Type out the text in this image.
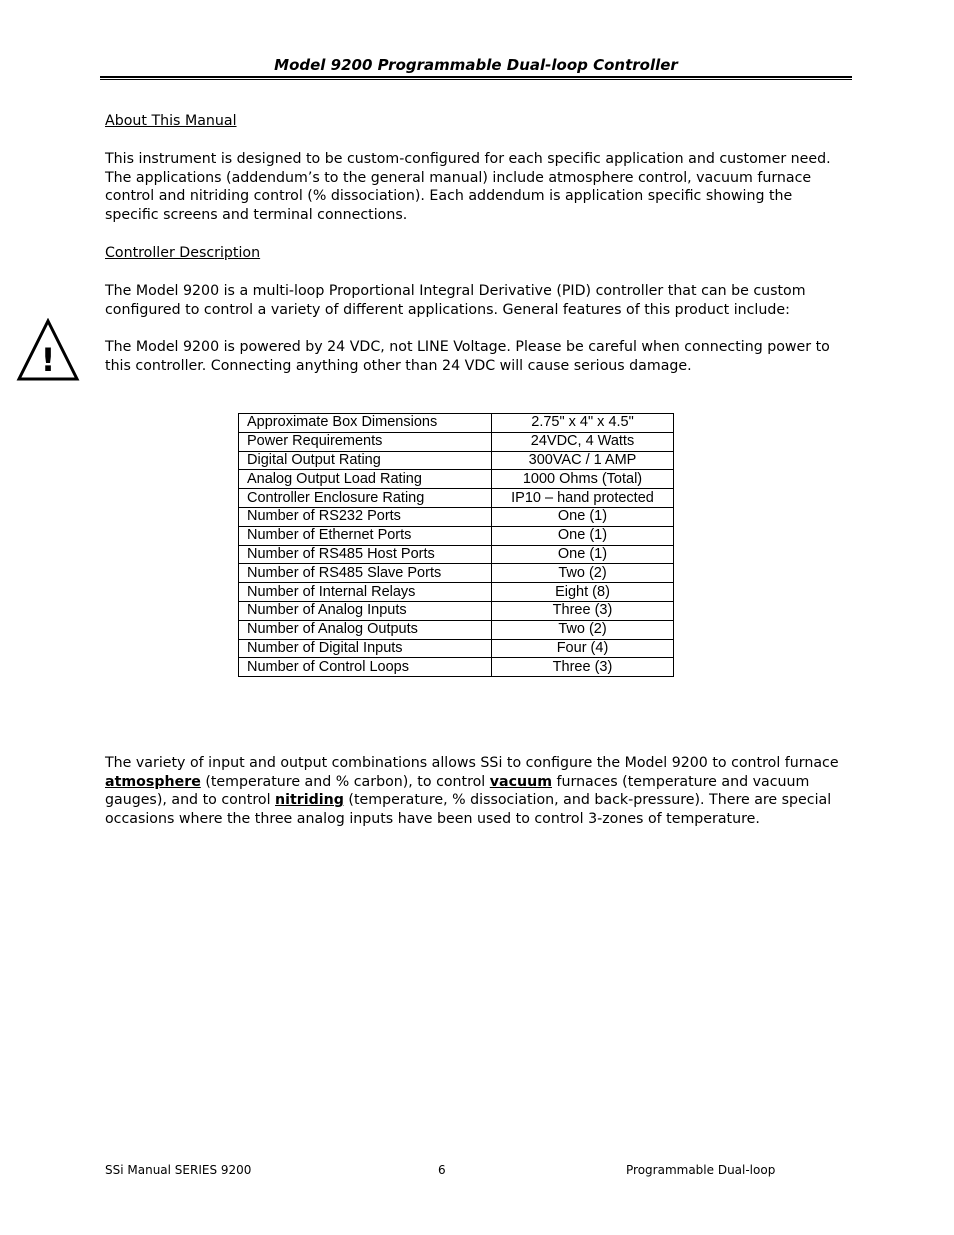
Model 9200 Programmable Dual-loop Controller
About This Manual
This instrument is designed to be custom-configured for each specific application and customer need. The applications (addendum’s to the general manual) include atmosphere control, vacuum furnace control and nitriding control (% dissociation). Each addendum is application specific showing the specific screens and terminal connections.
Controller Description
The Model 9200 is a multi-loop Proportional Integral Derivative (PID) controller that can be custom configured to control a variety of different applications. General features of this product include:
!	The Model 9200 is powered by 24 VDC, not LINE Voltage. Please be careful when connecting power to this controller. Connecting anything other than 24 VDC will cause serious damage.
Approximate Box Dimensions	2.75" x 4" x 4.5"
Power Requirements	24VDC, 4 Watts
Digital Output Rating	300VAC / 1 AMP
Analog Output Load Rating	1000 Ohms (Total)
Controller Enclosure Rating	IP10 – hand protected
Number of RS232 Ports	One (1)
Number of Ethernet Ports	One (1)
Number of RS485 Host Ports	One (1)
Number of RS485 Slave Ports	Two (2)
Number of Internal Relays	Eight (8)
Number of Analog Inputs	Three (3)
Number of Analog Outputs	Two (2)
Number of Digital Inputs	Four (4)
Number of Control Loops	Three (3)
The variety of input and output combinations allows SSi to configure the Model 9200 to control furnace atmosphere (temperature and % carbon), to control vacuum furnaces (temperature and vacuum gauges), and to control nitriding (temperature, % dissociation, and back-pressure). There are special occasions where the three analog inputs have been used to control 3-zones of temperature.
SSi Manual SERIES 9200	6	Programmable Dual-loop
